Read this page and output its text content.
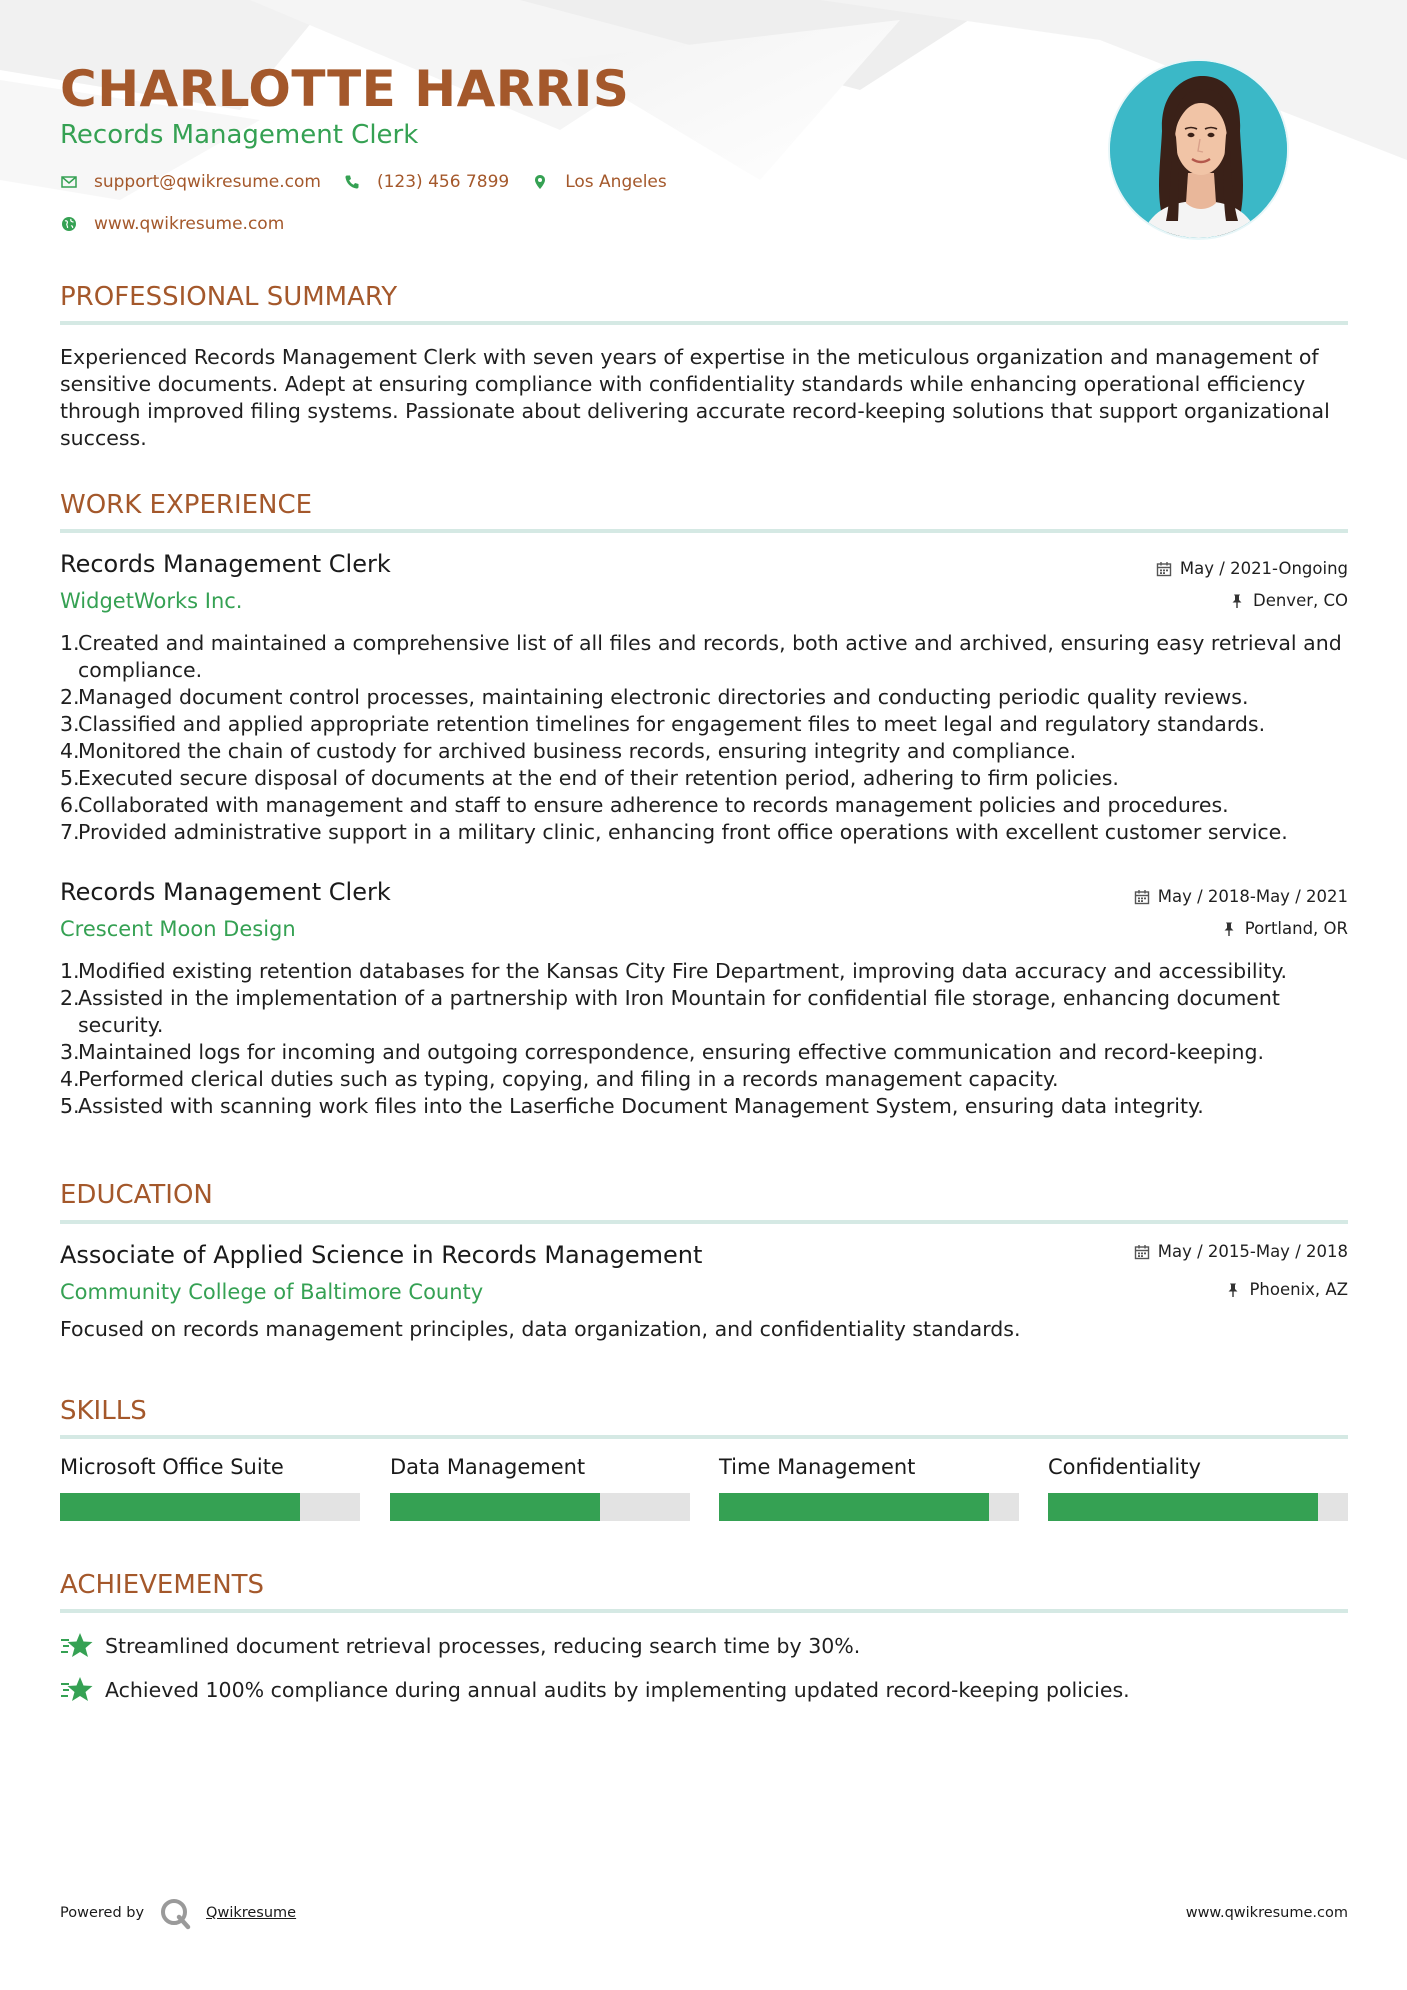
CHARLOTTE HARRIS
Records Management Clerk
support@qwikresume.com	(123) 456 7899	Los Angeles
www.qwikresume.com
PROFESSIONAL SUMMARY
Experienced Records Management Clerk with seven years of expertise in the meticulous organization and management of sensitive documents. Adept at ensuring compliance with confidentiality standards while enhancing operational efficiency through improved filing systems. Passionate about delivering accurate record-keeping solutions that support organizational success.
WORK EXPERIENCE
Records Management Clerk
WidgetWorks Inc.
May / 2021-Ongoing
Denver, CO
1.
Created and maintained a comprehensive list of all files and records, both active and archived, ensuring easy retrieval and compliance.
2.
Managed document control processes, maintaining electronic directories and conducting periodic quality reviews.
3.
Classified and applied appropriate retention timelines for engagement files to meet legal and regulatory standards.
4.
Monitored the chain of custody for archived business records, ensuring integrity and compliance.
5.
Executed secure disposal of documents at the end of their retention period, adhering to firm policies.
6.
Collaborated with management and staff to ensure adherence to records management policies and procedures.
7.
Provided administrative support in a military clinic, enhancing front office operations with excellent customer service.
Records Management Clerk
Crescent Moon Design
May / 2018-May / 2021
Portland, OR
1.
Modified existing retention databases for the Kansas City Fire Department, improving data accuracy and accessibility.
2.
Assisted in the implementation of a partnership with Iron Mountain for confidential file storage, enhancing document security.
3.
Maintained logs for incoming and outgoing correspondence, ensuring effective communication and record-keeping.
4.
Performed clerical duties such as typing, copying, and filing in a records management capacity.
5.
Assisted with scanning work files into the Laserfiche Document Management System, ensuring data integrity.
EDUCATION
Associate of Applied Science in Records Management
Community College of Baltimore County
May / 2015-May / 2018
Phoenix, AZ
Focused on records management principles, data organization, and confidentiality standards.
SKILLS
Microsoft Office Suite	Data Management	Time Management	Confidentiality
ACHIEVEMENTS
Streamlined document retrieval processes, reducing search time by 30%.
Achieved 100% compliance during annual audits by implementing updated record-keeping policies.
Powered by	Qwikresume	www.qwikresume.com
